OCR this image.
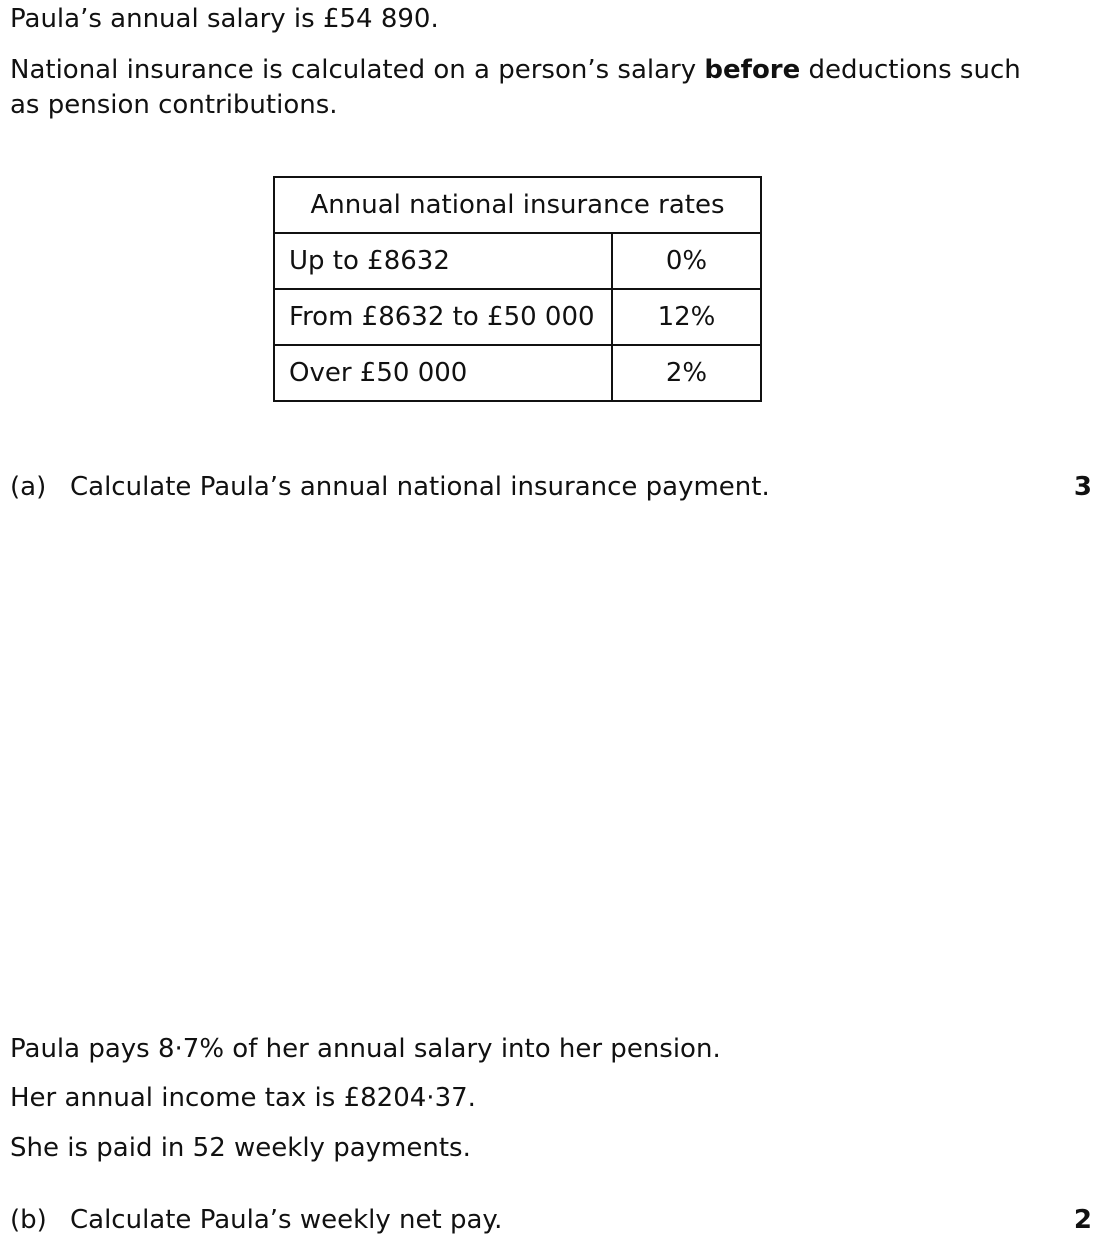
Paula’s annual salary is £54 890.

National insurance is calculated on a person’s salary before deductions such

as pension contributions.

Annual national insurance rates	
Up to £8632	0%
From £8632 to £50 000	12%
Over £50 000	2%
(a) Calculate Paula’s annual national insurance payment.	3

Paula pays 8·7% of her annual salary into her pension.

Her annual income tax is £8204·37.

She is paid in 52 weekly payments.

(b) Calculate Paula’s weekly net pay.	2
